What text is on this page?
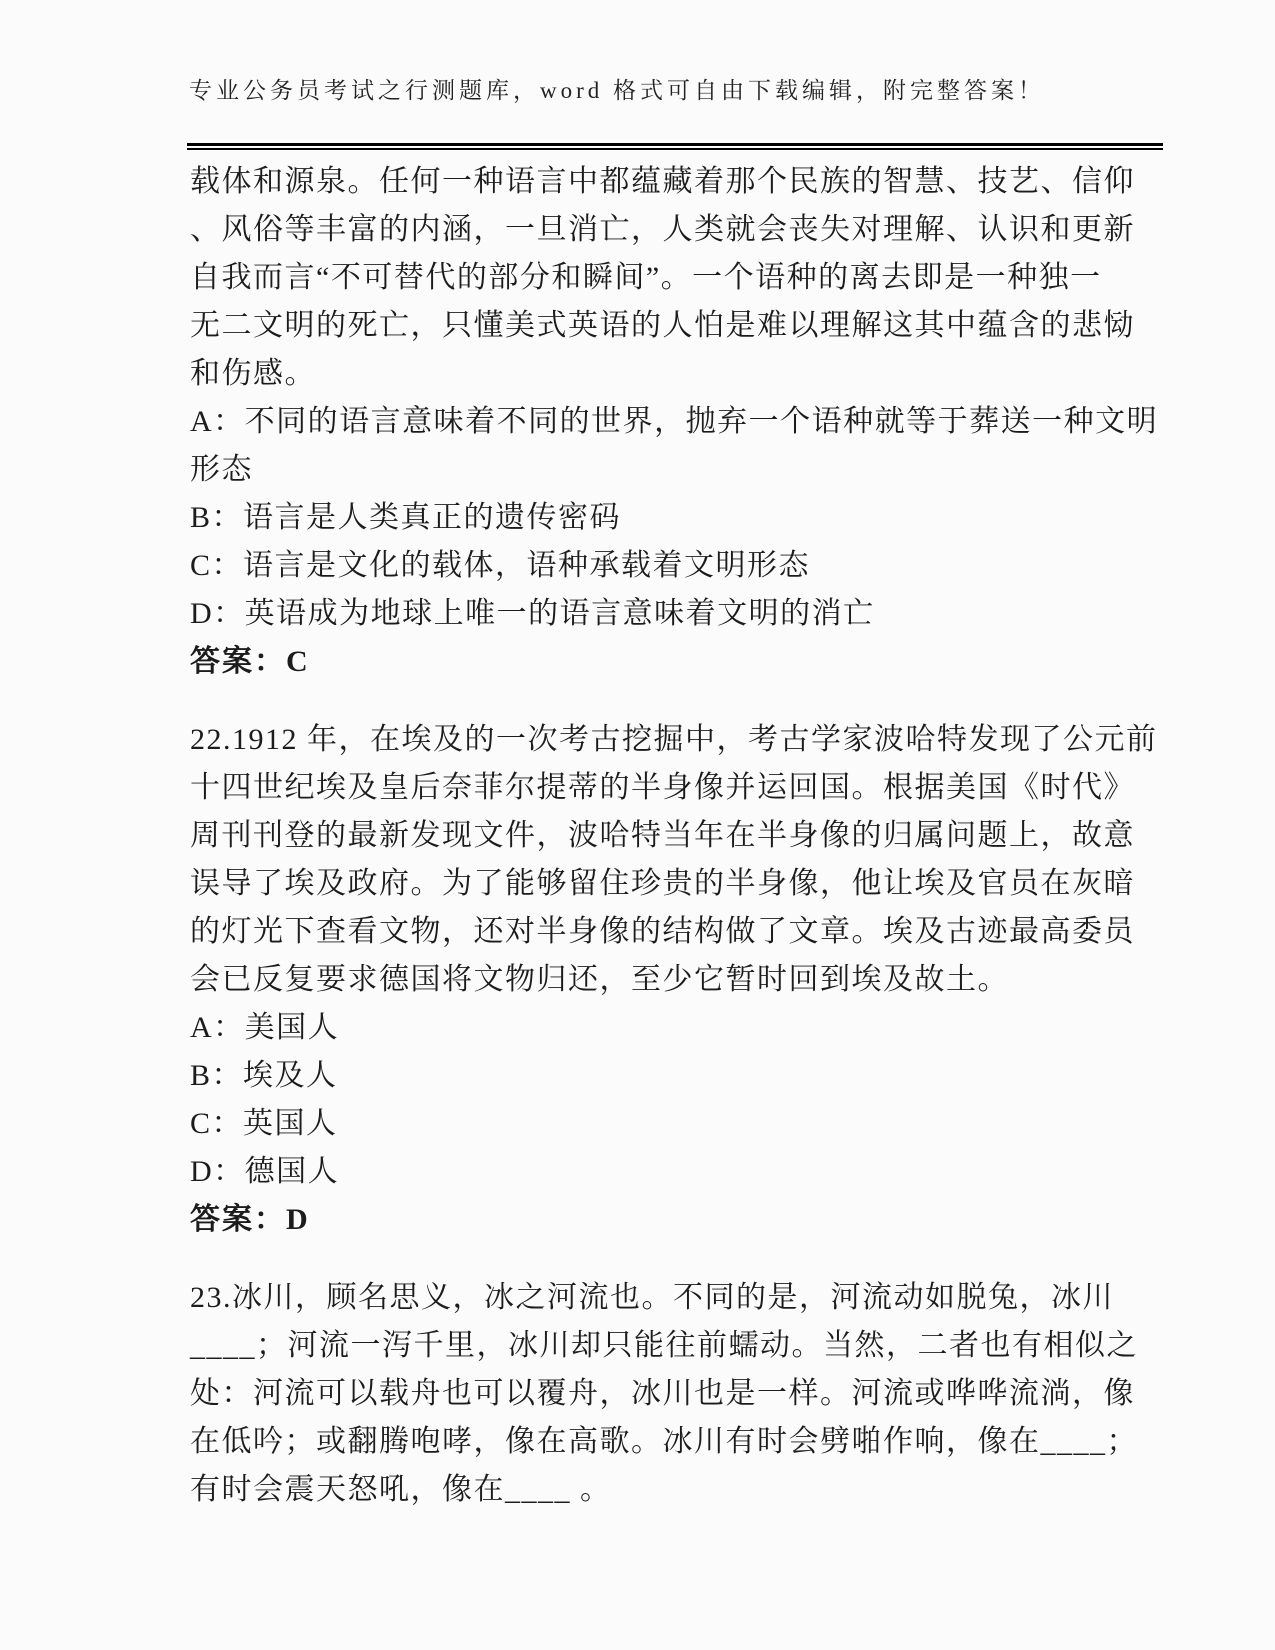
专业公务员考试之行测题库，word 格式可自由下载编辑，附完整答案！
载体和源泉。任何一种语言中都蕴藏着那个民族的智慧、技艺、信仰
、风俗等丰富的内涵，一旦消亡，人类就会丧失对理解、认识和更新
自我而言“不可替代的部分和瞬间”。一个语种的离去即是一种独一
无二文明的死亡，只懂美式英语的人怕是难以理解这其中蕴含的悲恸
和伤感。
A：不同的语言意味着不同的世界，抛弃一个语种就等于葬送一种文明
形态
B：语言是人类真正的遗传密码
C：语言是文化的载体，语种承载着文明形态
D：英语成为地球上唯一的语言意味着文明的消亡
答案：C
22.1912 年，在埃及的一次考古挖掘中，考古学家波哈特发现了公元前
十四世纪埃及皇后奈菲尔提蒂的半身像并运回国。根据美国《时代》
周刊刊登的最新发现文件，波哈特当年在半身像的归属问题上，故意
误导了埃及政府。为了能够留住珍贵的半身像，他让埃及官员在灰暗
的灯光下查看文物，还对半身像的结构做了文章。埃及古迹最高委员
会已反复要求德国将文物归还，至少它暂时回到埃及故土。
A：美国人
B：埃及人
C：英国人
D：德国人
答案：D
23.冰川，顾名思义，冰之河流也。不同的是，河流动如脱兔，冰川
____；河流一泻千里，冰川却只能往前蠕动。当然，二者也有相似之
处：河流可以载舟也可以覆舟，冰川也是一样。河流或哗哗流淌，像
在低吟；或翻腾咆哮，像在高歌。冰川有时会劈啪作响，像在____；
有时会震天怒吼，像在____ 。
